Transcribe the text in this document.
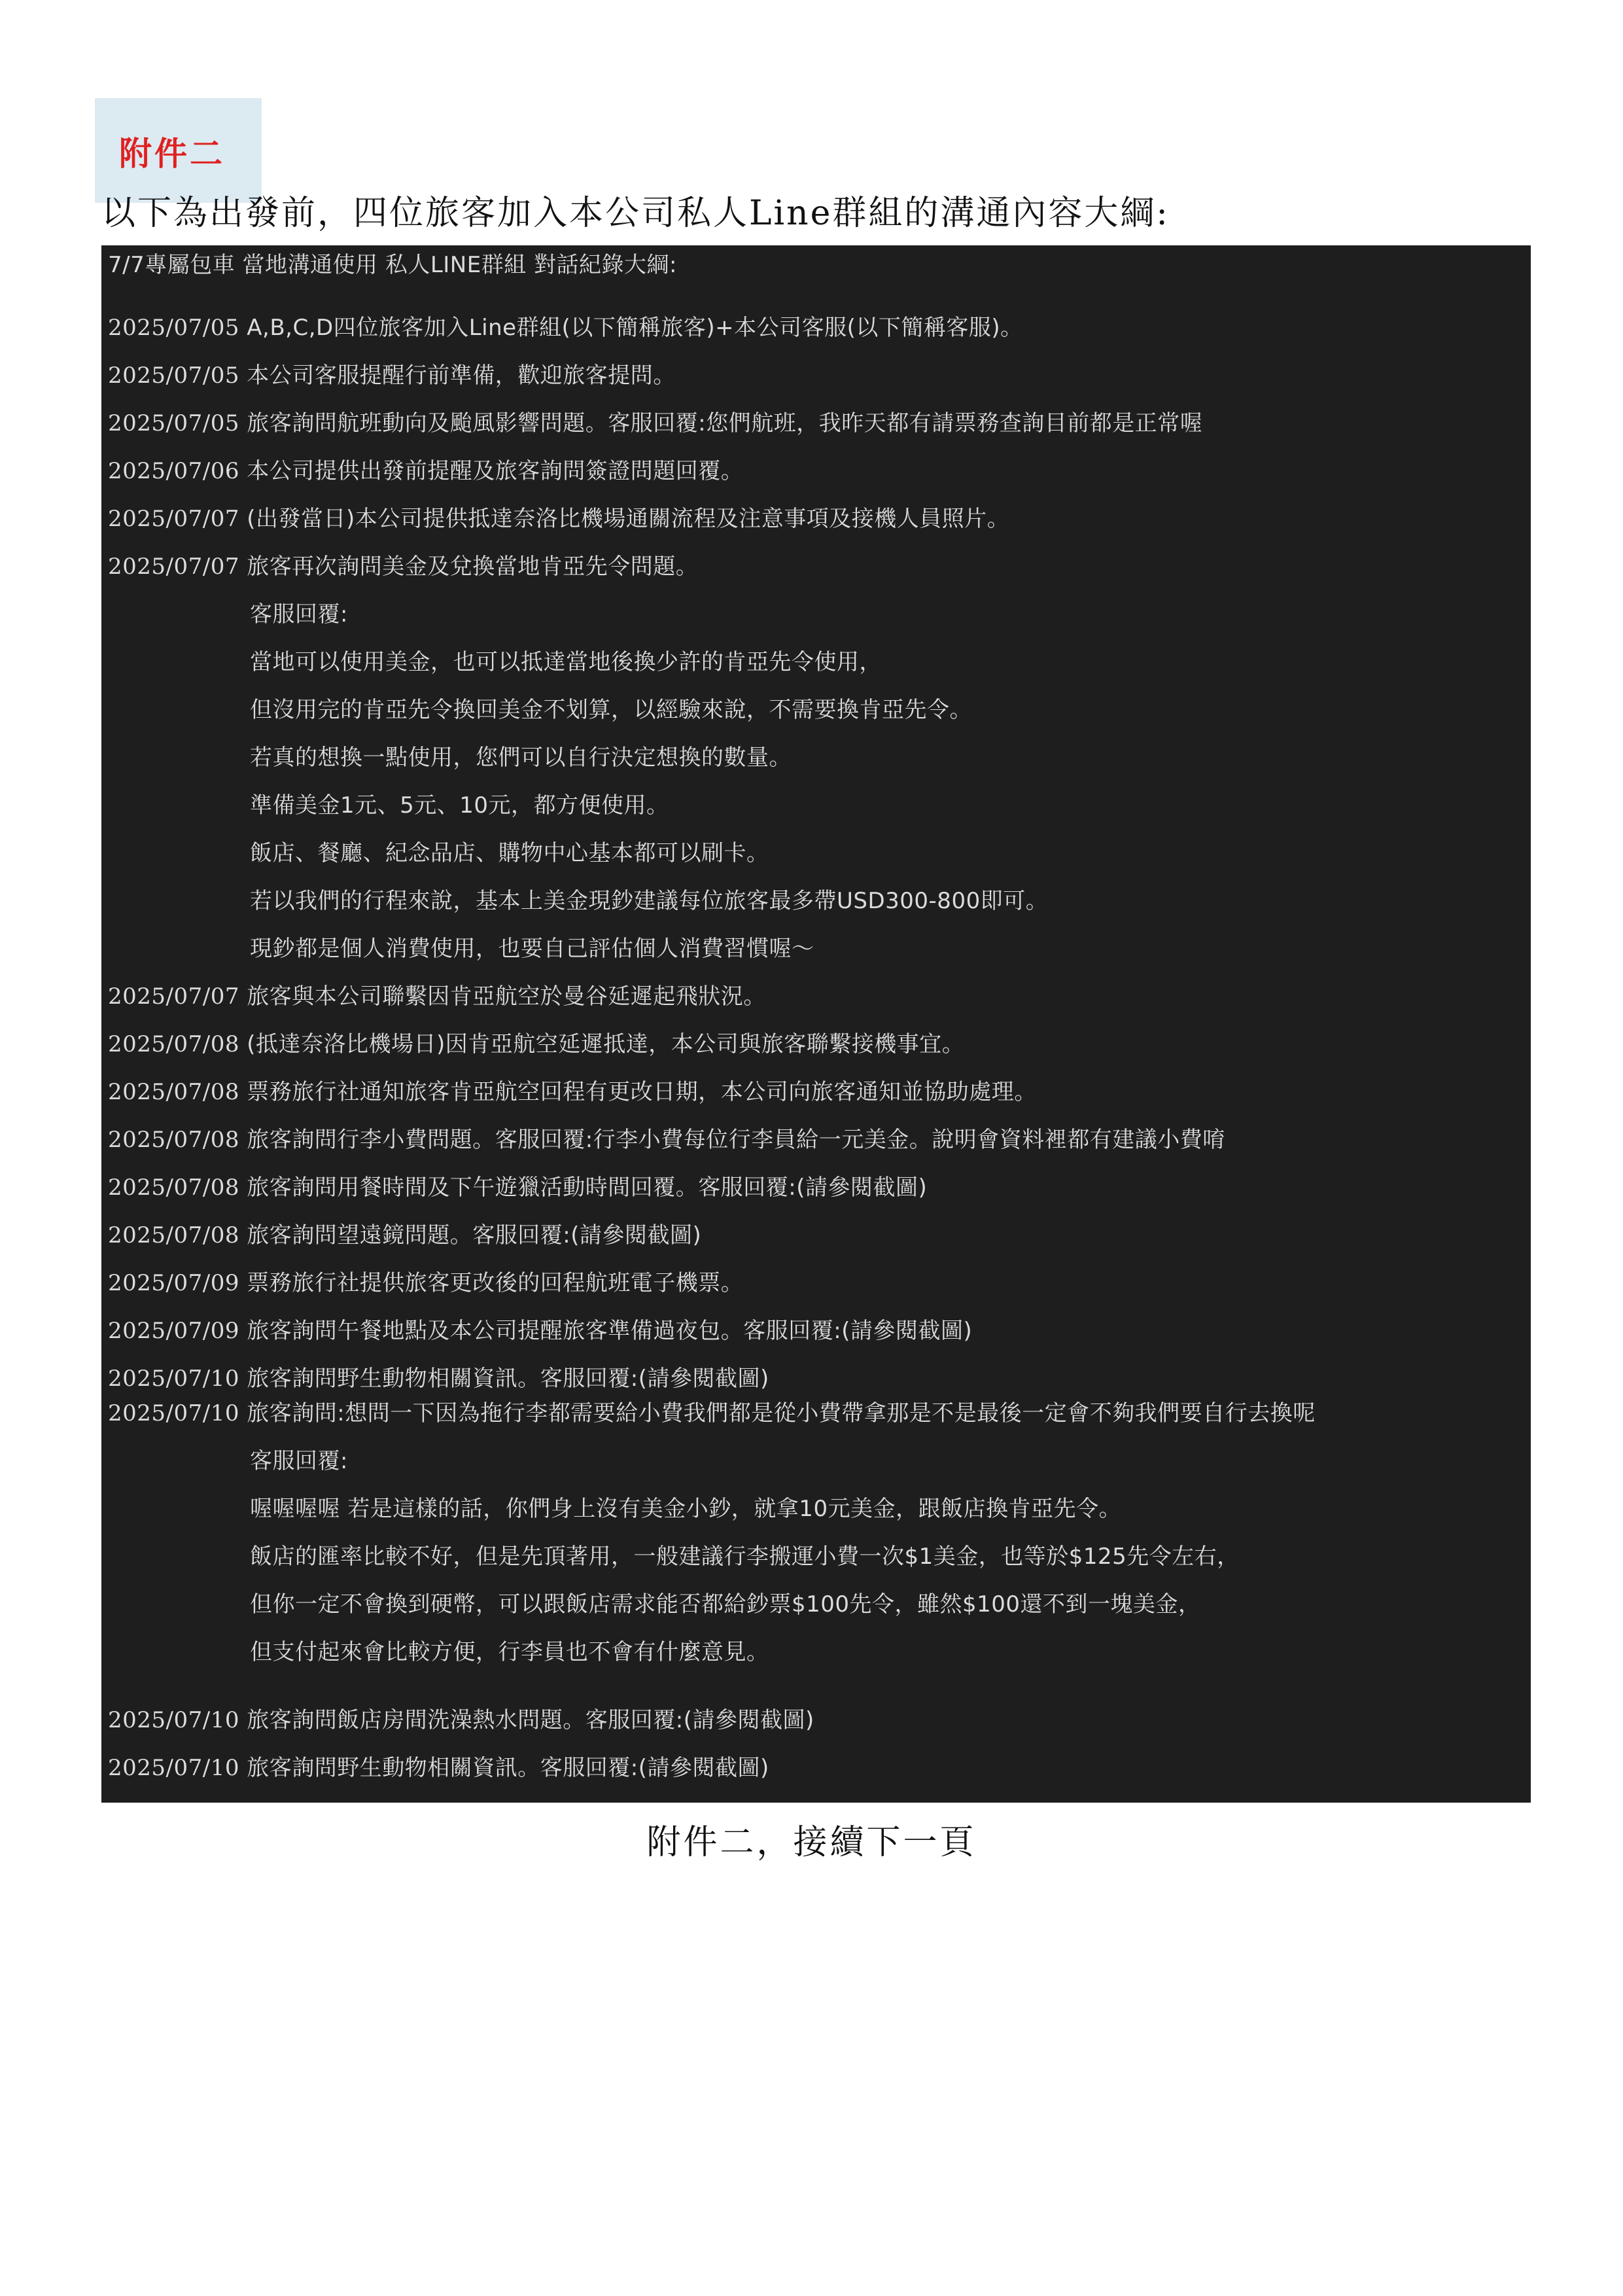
附件二
以下為出發前，四位旅客加入本公司私人Line群組的溝通內容大綱:
7/7專屬包車 當地溝通使用 私人LINE群組 對話紀錄大綱:
2025/07/05 A,B,C,D四位旅客加入Line群組(以下簡稱旅客)+本公司客服(以下簡稱客服)。
2025/07/05 本公司客服提醒行前準備，歡迎旅客提問。
2025/07/05 旅客詢問航班動向及颱風影響問題。客服回覆:您們航班，我昨天都有請票務查詢目前都是正常喔
2025/07/06 本公司提供出發前提醒及旅客詢問簽證問題回覆。
2025/07/07 (出發當日)本公司提供抵達奈洛比機場通關流程及注意事項及接機人員照片。
2025/07/07 旅客再次詢問美金及兌換當地肯亞先令問題。
客服回覆:
當地可以使用美金，也可以抵達當地後換少許的肯亞先令使用，
但沒用完的肯亞先令換回美金不划算，以經驗來說，不需要換肯亞先令。
若真的想換一點使用，您們可以自行決定想換的數量。
準備美金1元、5元、10元，都方便使用。
飯店、餐廳、紀念品店、購物中心基本都可以刷卡。
若以我們的行程來說，基本上美金現鈔建議每位旅客最多帶USD300-800即可。
現鈔都是個人消費使用，也要自己評估個人消費習慣喔～
2025/07/07 旅客與本公司聯繫因肯亞航空於曼谷延遲起飛狀況。
2025/07/08 (抵達奈洛比機場日)因肯亞航空延遲抵達，本公司與旅客聯繫接機事宜。
2025/07/08 票務旅行社通知旅客肯亞航空回程有更改日期，本公司向旅客通知並協助處理。
2025/07/08 旅客詢問行李小費問題。客服回覆:行李小費每位行李員給一元美金。說明會資料裡都有建議小費唷
2025/07/08 旅客詢問用餐時間及下午遊獵活動時間回覆。客服回覆:(請參閱截圖)
2025/07/08 旅客詢問望遠鏡問題。客服回覆:(請參閱截圖)
2025/07/09 票務旅行社提供旅客更改後的回程航班電子機票。
2025/07/09 旅客詢問午餐地點及本公司提醒旅客準備過夜包。客服回覆:(請參閱截圖)
2025/07/10 旅客詢問野生動物相關資訊。客服回覆:(請參閱截圖)
2025/07/10 旅客詢問:想問一下因為拖行李都需要給小費我們都是從小費帶拿那是不是最後一定會不夠我們要自行去換呢
客服回覆:
喔喔喔喔 若是這樣的話，你們身上沒有美金小鈔，就拿10元美金，跟飯店換肯亞先令。
飯店的匯率比較不好，但是先頂著用，一般建議行李搬運小費一次$1美金，也等於$125先令左右，
但你一定不會換到硬幣，可以跟飯店需求能否都給鈔票$100先令，雖然$100還不到一塊美金，
但支付起來會比較方便，行李員也不會有什麼意見。
2025/07/10 旅客詢問飯店房間洗澡熱水問題。客服回覆:(請參閱截圖)
2025/07/10 旅客詢問野生動物相關資訊。客服回覆:(請參閱截圖)
附件二，接續下一頁
